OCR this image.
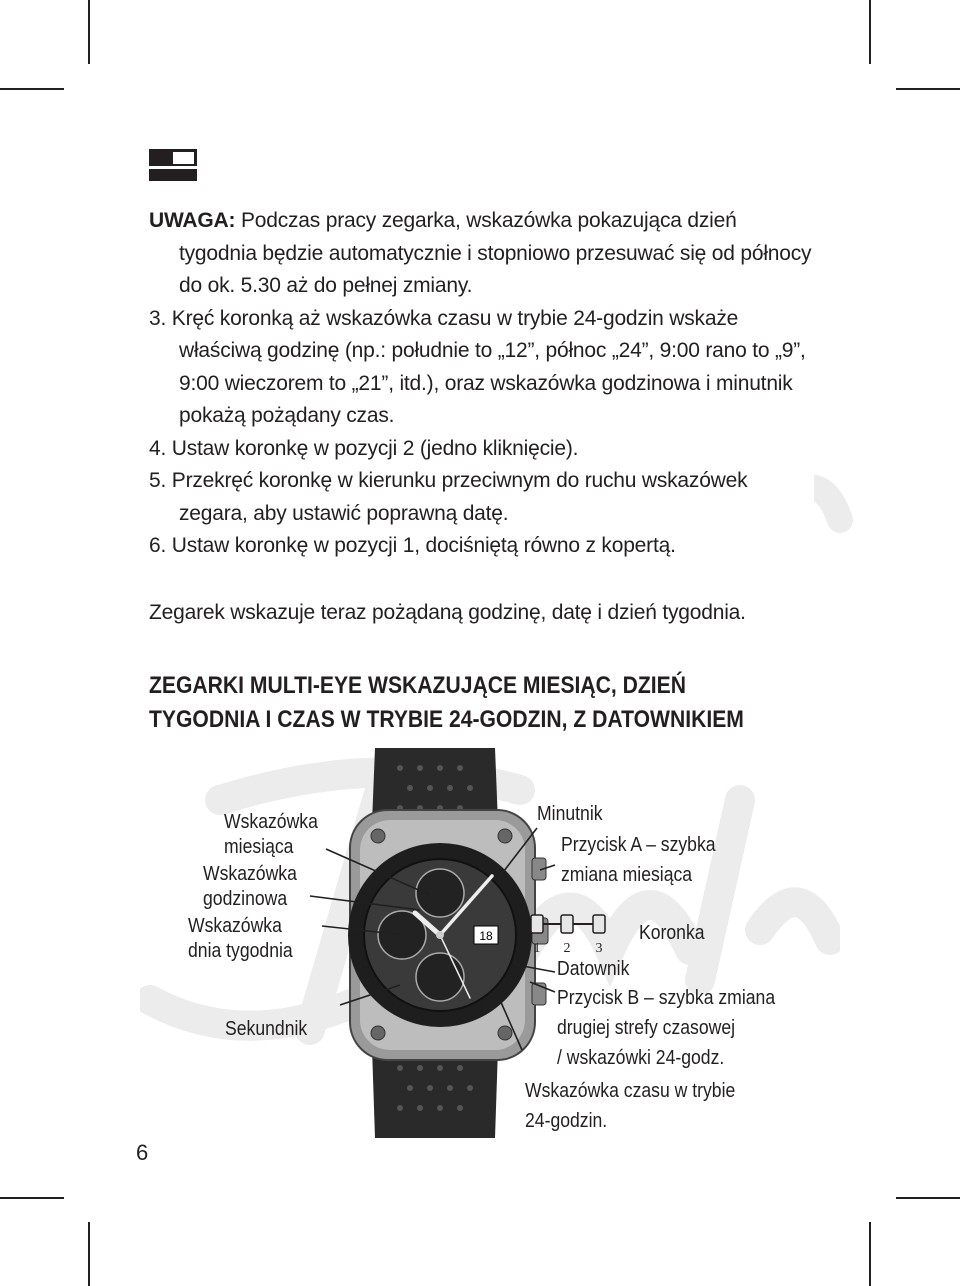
UWAGA: Podczas pracy zegarka, wskazówka pokazująca dzień tygodnia będzie automatycznie i stopniowo przesuwać się od północy do ok. 5.30 aż do pełnej zmiany.

3. Kręć koronką aż wskazówka czasu w trybie 24-godzin wskaże właściwą godzinę (np.: południe to „12”, północ „24”, 9:00 rano to „9”, 9:00 wieczorem to „21”, itd.), oraz wskazówka godzinowa i minutnik pokażą pożądany czas.

4. Ustaw koronkę w pozycji 2 (jedno kliknięcie).

5. Przekręć koronkę w kierunku przeciwnym do ruchu wskazówek zegara, aby ustawić poprawną datę.

6. Ustaw koronkę w pozycji 1, dociśniętą równo z kopertą.

Zegarek wskazuje teraz pożądaną godzinę, datę i dzień tygodnia.

ZEGARKI MULTI-EYE WSKAZUJĄCE MIESIĄC, DZIEŃ
TYGODNIA I CZAS W TRYBIE 24-GODZIN, Z DATOWNIKIEM
18
1 2 3
Wskazówka
miesiąca
Wskazówka
godzinowa
Wskazówka
dnia tygodnia
Sekundnik
Minutnik
Przycisk A – szybka
zmiana miesiąca
Koronka
Datownik
Przycisk B – szybka zmiana
drugiej strefy czasowej
/ wskazówki 24-godz.
Wskazówka czasu w trybie
24-godzin.
6
